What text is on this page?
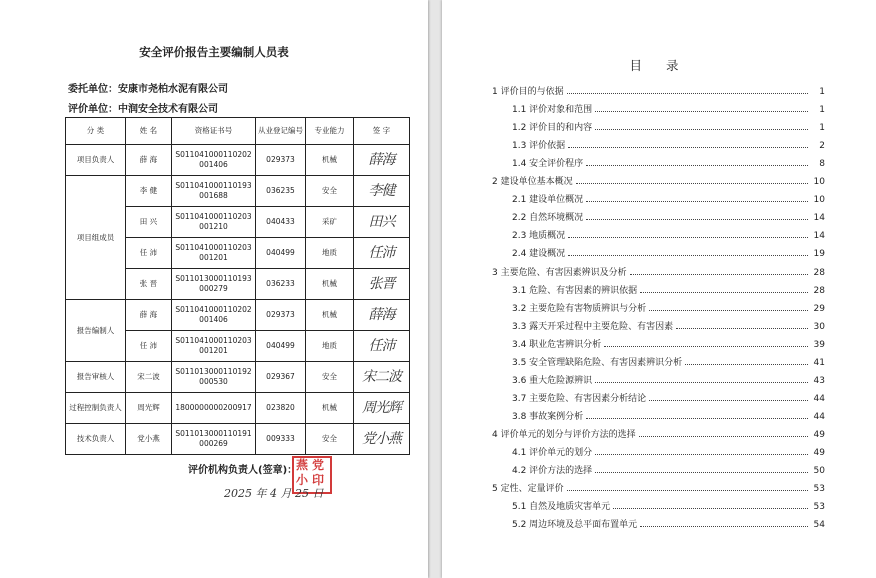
安全评价报告主要编制人员表
委托单位：安康市尧柏水泥有限公司
评价单位：中润安全技术有限公司
分 类	姓 名	资格证书号	从业登记编号	专业能力	签 字
项目负责人	薛 海	S011041000110202001406	029373	机械	薛海
项目组成员	李 健	S011041000110193001688	036235	安全	李健
	田 兴	S011041000110203001210	040433	采矿	田兴
	任 沛	S011041000110203001201	040499	地质	任沛
	张 晋	S011013000110193000279	036233	机械	张晋
报告编制人	薛 海	S011041000110202001406	029373	机械	薛海
	任 沛	S011041000110203001201	040499	地质	任沛
报告审核人	宋二波	S011013000110192000530	029367	安全	宋二波
过程控制负责人	周光辉	1800000000200917	023820	机械	周光辉
技术负责人	党小燕	S011013000110191000269	009333	安全	党小燕
评价机构负责人(签章)：
燕党小印
2025 年 4 月 25 日
1 评价目的与依据	1
1.1 评价对象和范围	1
1.2 评价目的和内容	1
1.3 评价依据	2
1.4 安全评价程序	8
2 建设单位基本概况	10
2.1 建设单位概况	10
2.2 自然环境概况	14
2.3 地质概况	14
2.4 建设概况	19
3 主要危险、有害因素辨识及分析	28
3.1 危险、有害因素的辨识依据	28
3.2 主要危险有害物质辨识与分析	29
3.3 露天开采过程中主要危险、有害因素	30
3.4 职业危害辨识分析	39
3.5 安全管理缺陷危险、有害因素辨识分析	41
3.6 重大危险源辨识	43
3.7 主要危险、有害因素分析结论	44
3.8 事故案例分析	44
4 评价单元的划分与评价方法的选择	49
4.1 评价单元的划分	49
4.2 评价方法的选择	50
5 定性、定量评价	53
5.1 自然及地质灾害单元	53
5.2 周边环境及总平面布置单元	54
目 录
